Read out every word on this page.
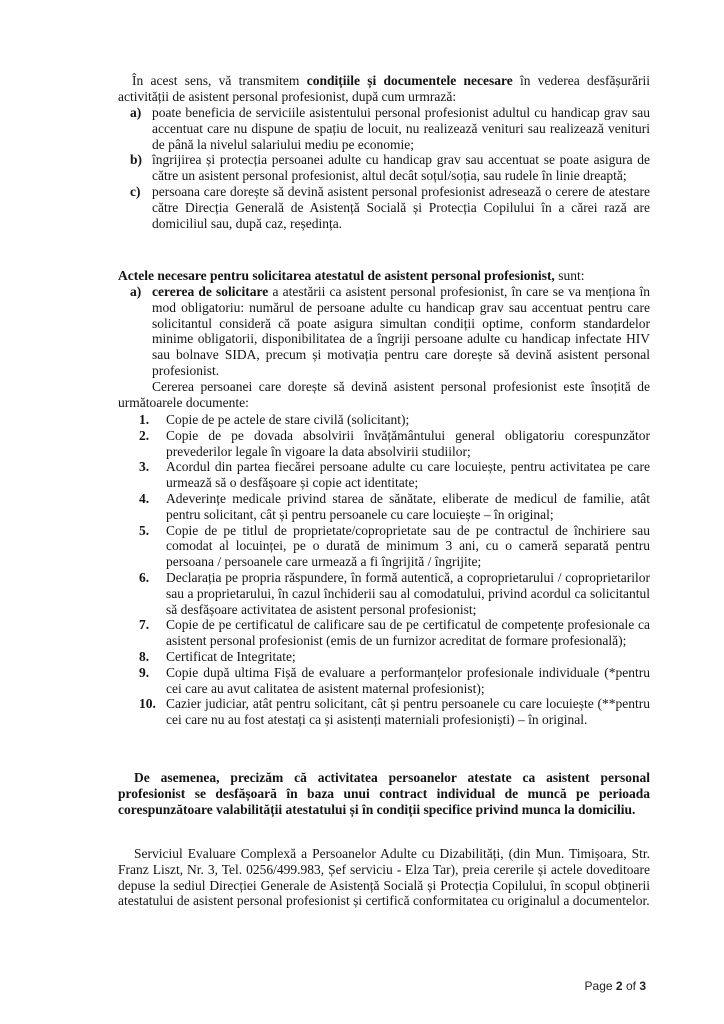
În acest sens, vă transmitem condițiile și documentele necesare în vederea desfășurării activității de asistent personal profesionist, după cum urmrază:
a) poate beneficia de serviciile asistentului personal profesionist adultul cu handicap grav sau accentuat care nu dispune de spațiu de locuit, nu realizează venituri sau realizează venituri de până la nivelul salariului mediu pe economie;
b) îngrijirea și protecția persoanei adulte cu handicap grav sau accentuat se poate asigura de către un asistent personal profesionist, altul decât soțul/soția, sau rudele în linie dreaptă;
c) persoana care dorește să devină asistent personal profesionist adresează o cerere de atestare către Direcția Generală de Asistență Socială și Protecția Copilului în a cărei rază are domiciliul sau, după caz, reședința.
Actele necesare pentru solicitarea atestatul de asistent personal profesionist, sunt:
a) cererea de solicitare a atestării ca asistent personal profesionist, în care se va menționa în mod obligatoriu: numărul de persoane adulte cu handicap grav sau accentuat pentru care solicitantul consideră că poate asigura simultan condiții optime, conform standardelor minime obligatorii, disponibilitatea de a îngriji persoane adulte cu handicap infectate HIV sau bolnave SIDA, precum și motivația pentru care dorește să devină asistent personal profesionist.
Cererea persoanei care dorește să devină asistent personal profesionist este însoțită de următoarele documente:
1. Copie de pe actele de stare civilă (solicitant);
2. Copie de pe dovada absolvirii învățământului general obligatoriu corespunzător prevederilor legale în vigoare la data absolvirii studiilor;
3. Acordul din partea fiecărei persoane adulte cu care locuiește, pentru activitatea pe care urmează să o desfășoare și copie act identitate;
4. Adeverințe medicale privind starea de sănătate, eliberate de medicul de familie, atât pentru solicitant, cât și pentru persoanele cu care locuiește – în original;
5. Copie de pe titlul de proprietate/coproprietate sau de pe contractul de închiriere sau comodat al locuinței, pe o durată de minimum 3 ani, cu o cameră separată pentru persoana / persoanele care urmează a fi îngrijită / îngrijite;
6. Declarația pe propria răspundere, în formă autentică, a coproprietarului / coproprietarilor sau a proprietarului, în cazul închiderii sau al comodatului, privind acordul ca solicitantul să desfășoare activitatea de asistent personal profesionist;
7. Copie de pe certificatul de calificare sau de pe certificatul de competențe profesionale ca asistent personal profesionist (emis de un furnizor acreditat de formare profesională);
8. Certificat de Integritate;
9. Copie după ultima Fișă de evaluare a performanțelor profesionale individuale (*pentru cei care au avut calitatea de asistent maternal profesionist);
10. Cazier judiciar, atât pentru solicitant, cât și pentru persoanele cu care locuiește (**pentru cei care nu au fost atestați ca și asistenți materniali profesioniști) – în original.
De asemenea, precizăm că activitatea persoanelor atestate ca asistent personal profesionist se desfășoară în baza unui contract individual de muncă pe perioada corespunzătoare valabilității atestatului și în condiții specifice privind munca la domiciliu.
Serviciul Evaluare Complexă a Persoanelor Adulte cu Dizabilități, (din Mun. Timișoara, Str. Franz Liszt, Nr. 3, Tel. 0256/499.983, Șef serviciu - Elza Tar), preia cererile și actele doveditoare depuse la sediul Direcției Generale de Asistență Socială și Protecția Copilului, în scopul obținerii atestatului de asistent personal profesionist și certifică conformitatea cu originalul a documentelor.
Page 2 of 3
